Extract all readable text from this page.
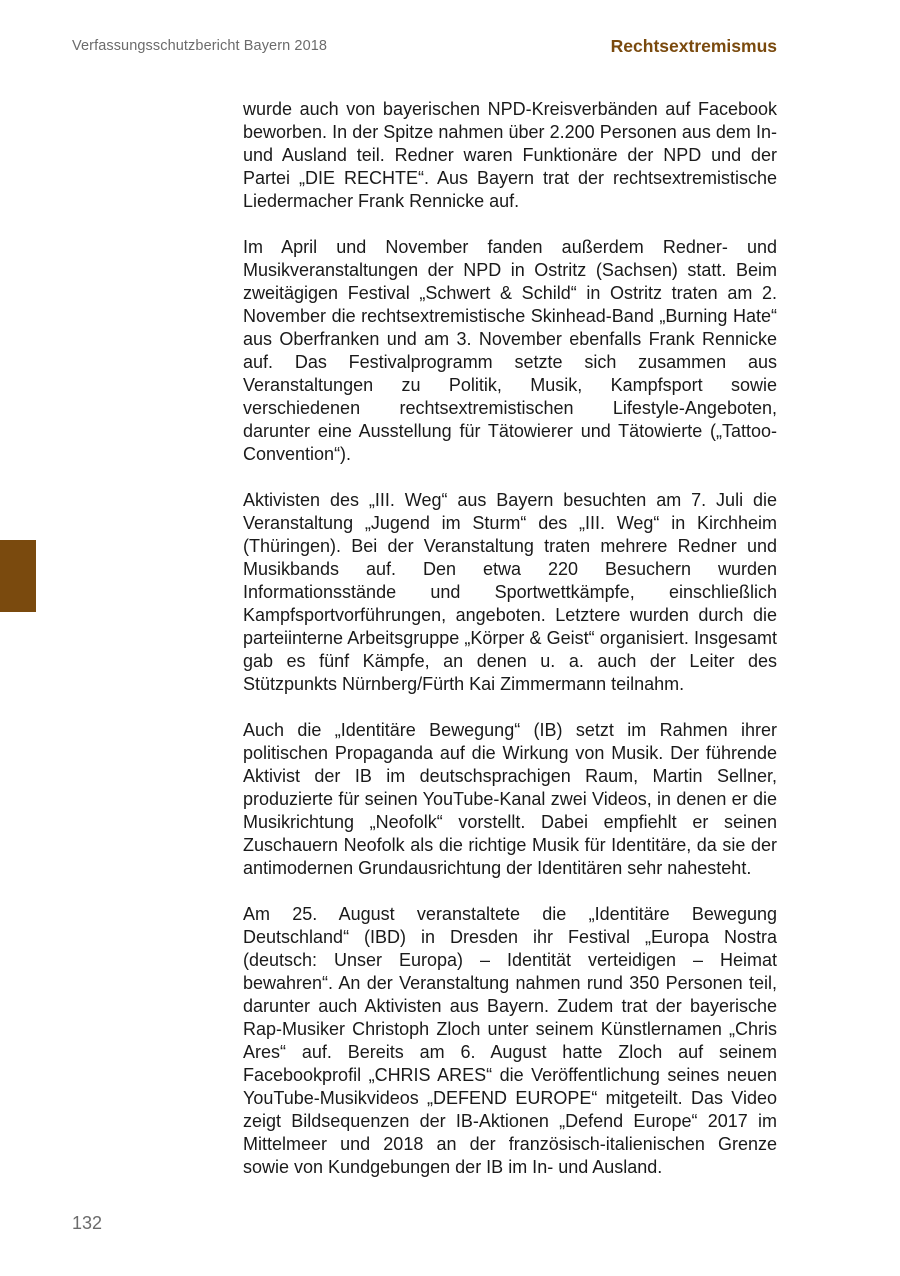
Verfassungsschutzbericht Bayern 2018	Rechtsextremismus

wurde auch von bayerischen NPD-Kreisverbänden auf Facebook beworben. In der Spitze nahmen über 2.200 Personen aus dem In- und Ausland teil. Redner waren Funktionäre der NPD und der Partei „DIE RECHTE“. Aus Bayern trat der rechtsextremistische Liedermacher Frank Rennicke auf.

Im April und November fanden außerdem Redner- und Musikveranstaltungen der NPD in Ostritz (Sachsen) statt. Beim zweitägigen Festival „Schwert & Schild“ in Ostritz traten am 2. November die rechtsextremistische Skinhead-Band „Burning Hate“ aus Oberfranken und am 3. November ebenfalls Frank Rennicke auf. Das Festivalprogramm setzte sich zusammen aus Veranstaltungen zu Politik, Musik, Kampfsport sowie verschiedenen rechtsextremistischen Lifestyle-Angeboten, darunter eine Ausstellung für Tätowierer und Tätowierte („Tattoo-Convention“).

Aktivisten des „III. Weg“ aus Bayern besuchten am 7. Juli die Veranstaltung „Jugend im Sturm“ des „III. Weg“ in Kirchheim (Thüringen). Bei der Veranstaltung traten mehrere Redner und Musikbands auf. Den etwa 220 Besuchern wurden Informationsstände und Sportwettkämpfe, einschließlich Kampfsportvorführungen, angeboten. Letztere wurden durch die parteiinterne Arbeitsgruppe „Körper & Geist“ organisiert. Insgesamt gab es fünf Kämpfe, an denen u. a. auch der Leiter des Stützpunkts Nürnberg/Fürth Kai Zimmermann teilnahm.

Auch die „Identitäre Bewegung“ (IB) setzt im Rahmen ihrer politischen Propaganda auf die Wirkung von Musik. Der führende Aktivist der IB im deutschsprachigen Raum, Martin Sellner, produzierte für seinen YouTube-Kanal zwei Videos, in denen er die Musikrichtung „Neofolk“ vorstellt. Dabei empfiehlt er seinen Zuschauern Neofolk als die richtige Musik für Identitäre, da sie der antimodernen Grundausrichtung der Identitären sehr nahesteht.

Am 25. August veranstaltete die „Identitäre Bewegung Deutschland“ (IBD) in Dresden ihr Festival „Europa Nostra (deutsch: Unser Europa) – Identität verteidigen – Heimat bewahren“. An der Veranstaltung nahmen rund 350 Personen teil, darunter auch Aktivisten aus Bayern. Zudem trat der bayerische Rap-Musiker Christoph Zloch unter seinem Künstlernamen „Chris Ares“ auf. Bereits am 6. August hatte Zloch auf seinem Facebookprofil „CHRIS ARES“ die Veröffentlichung seines neuen YouTube-Musikvideos „DEFEND EUROPE“ mitgeteilt. Das Video zeigt Bildsequenzen der IB-Aktionen „Defend Europe“ 2017 im Mittelmeer und 2018 an der französisch-italienischen Grenze sowie von Kundgebungen der IB im In- und Ausland.

132
